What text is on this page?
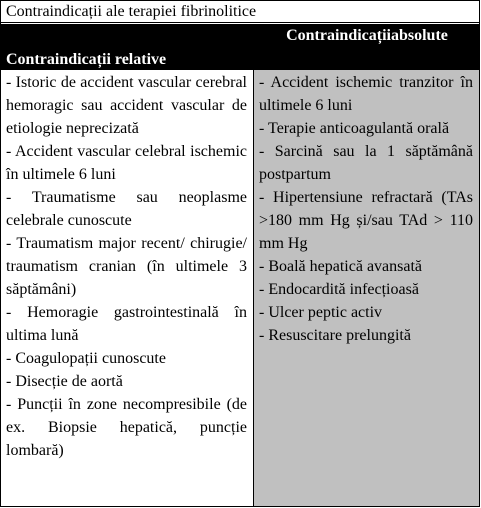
Contraindicații ale terapiei fibrinolitice
Contraindicațiiabsolute
Contraindicații relative

- Istoric de accident vascular cerebral hemoragic sau accident vascular de etiologie neprecizată

- Accident vascular celebral ischemic în ultimele 6 luni

- Traumatisme sau neoplasme celebrale cunoscute

- Traumatism major recent/ chirugie/ traumatism cranian (în ultimele 3 săptămâni)

- Hemoragie gastrointestinală în ultima lună

- Coagulopații cunoscute

- Disecție de aortă

- Puncții în zone necompresibile (de ex. Biopsie hepatică, puncție lombară)

- Accident ischemic tranzitor în ultimele 6 luni

- Terapie anticoagulantă orală

- Sarcină sau la 1 săptămână postpartum

- Hipertensiune refractară (TAs >180 mm Hg și/sau TAd > 110 mm Hg

- Boală hepatică avansată

- Endocardită infecțioasă

- Ulcer peptic activ

- Resuscitare prelungită
